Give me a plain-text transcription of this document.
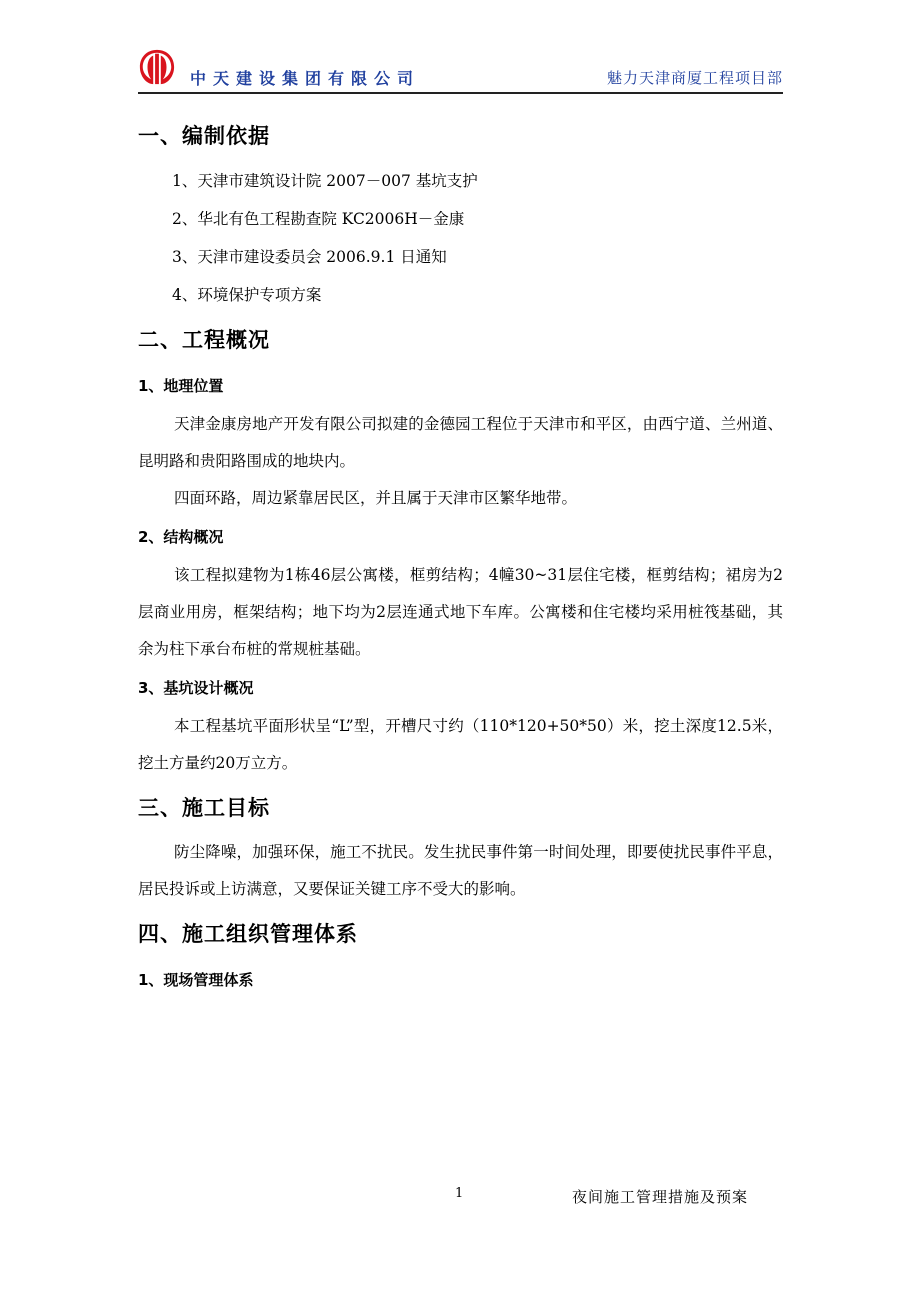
中天建设集团有限公司	魅力天津商厦工程项目部
一、编制依据
1、天津市建筑设计院 2007－007 基坑支护
2、华北有色工程勘查院 KC2006H－金康
3、天津市建设委员会 2006.9.1 日通知
4、环境保护专项方案
二、工程概况
1、地理位置

天津金康房地产开发有限公司拟建的金德园工程位于天津市和平区，由西宁道、兰州道、昆明路和贵阳路围成的地块内。

四面环路，周边紧靠居民区，并且属于天津市区繁华地带。

2、结构概况

该工程拟建物为1栋46层公寓楼，框剪结构；4幢30~31层住宅楼，框剪结构；裙房为2层商业用房，框架结构；地下均为2层连通式地下车库。公寓楼和住宅楼均采用桩筏基础，其余为柱下承台布桩的常规桩基础。

3、基坑设计概况

本工程基坑平面形状呈“L”型，开槽尺寸约（110*120+50*50）米，挖土深度12.5米，挖土方量约20万立方。

三、施工目标

防尘降噪，加强环保，施工不扰民。发生扰民事件第一时间处理，即要使扰民事件平息，居民投诉或上访满意，又要保证关键工序不受大的影响。

四、施工组织管理体系
1、现场管理体系
1	夜间施工管理措施及预案
